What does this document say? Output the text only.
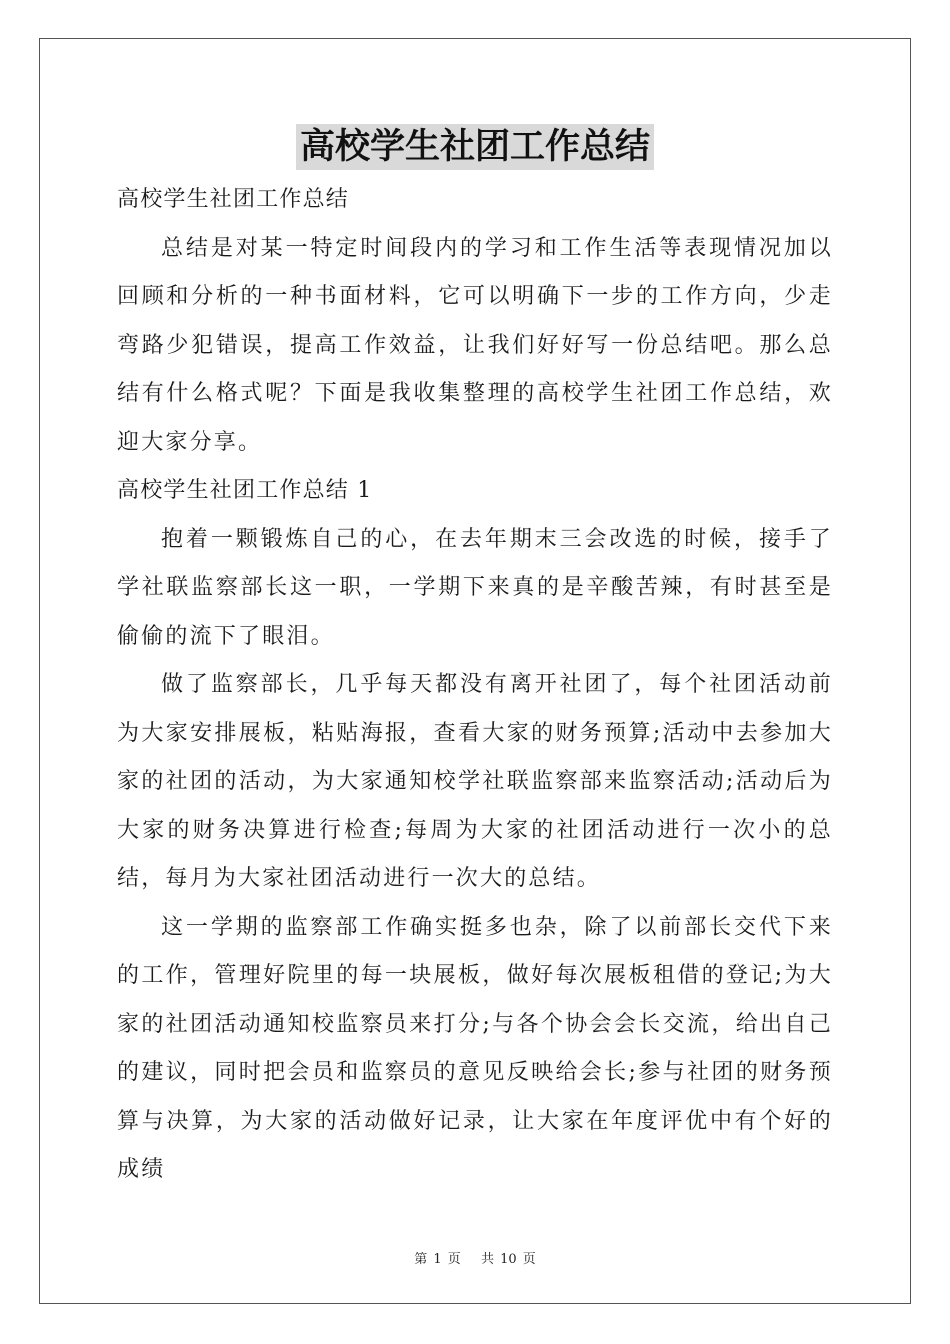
高校学生社团工作总结

高校学生社团工作总结

总结是对某一特定时间段内的学习和工作生活等表现情况加以回顾和分析的一种书面材料，它可以明确下一步的工作方向，少走弯路少犯错误，提高工作效益，让我们好好写一份总结吧。那么总结有什么格式呢？下面是我收集整理的高校学生社团工作总结，欢迎大家分享。

高校学生社团工作总结 1

抱着一颗锻炼自己的心，在去年期末三会改选的时候，接手了学社联监察部长这一职，一学期下来真的是辛酸苦辣，有时甚至是偷偷的流下了眼泪。

做了监察部长，几乎每天都没有离开社团了，每个社团活动前为大家安排展板，粘贴海报，查看大家的财务预算;活动中去参加大家的社团的活动，为大家通知校学社联监察部来监察活动;活动后为大家的财务决算进行检查;每周为大家的社团活动进行一次小的总结，每月为大家社团活动进行一次大的总结。

这一学期的监察部工作确实挺多也杂，除了以前部长交代下来的工作，管理好院里的每一块展板，做好每次展板租借的登记;为大家的社团活动通知校监察员来打分;与各个协会会长交流，给出自己的建议，同时把会员和监察员的意见反映给会长;参与社团的财务预算与决算，为大家的活动做好记录，让大家在年度评优中有个好的成绩

第 1 页 共 10 页
